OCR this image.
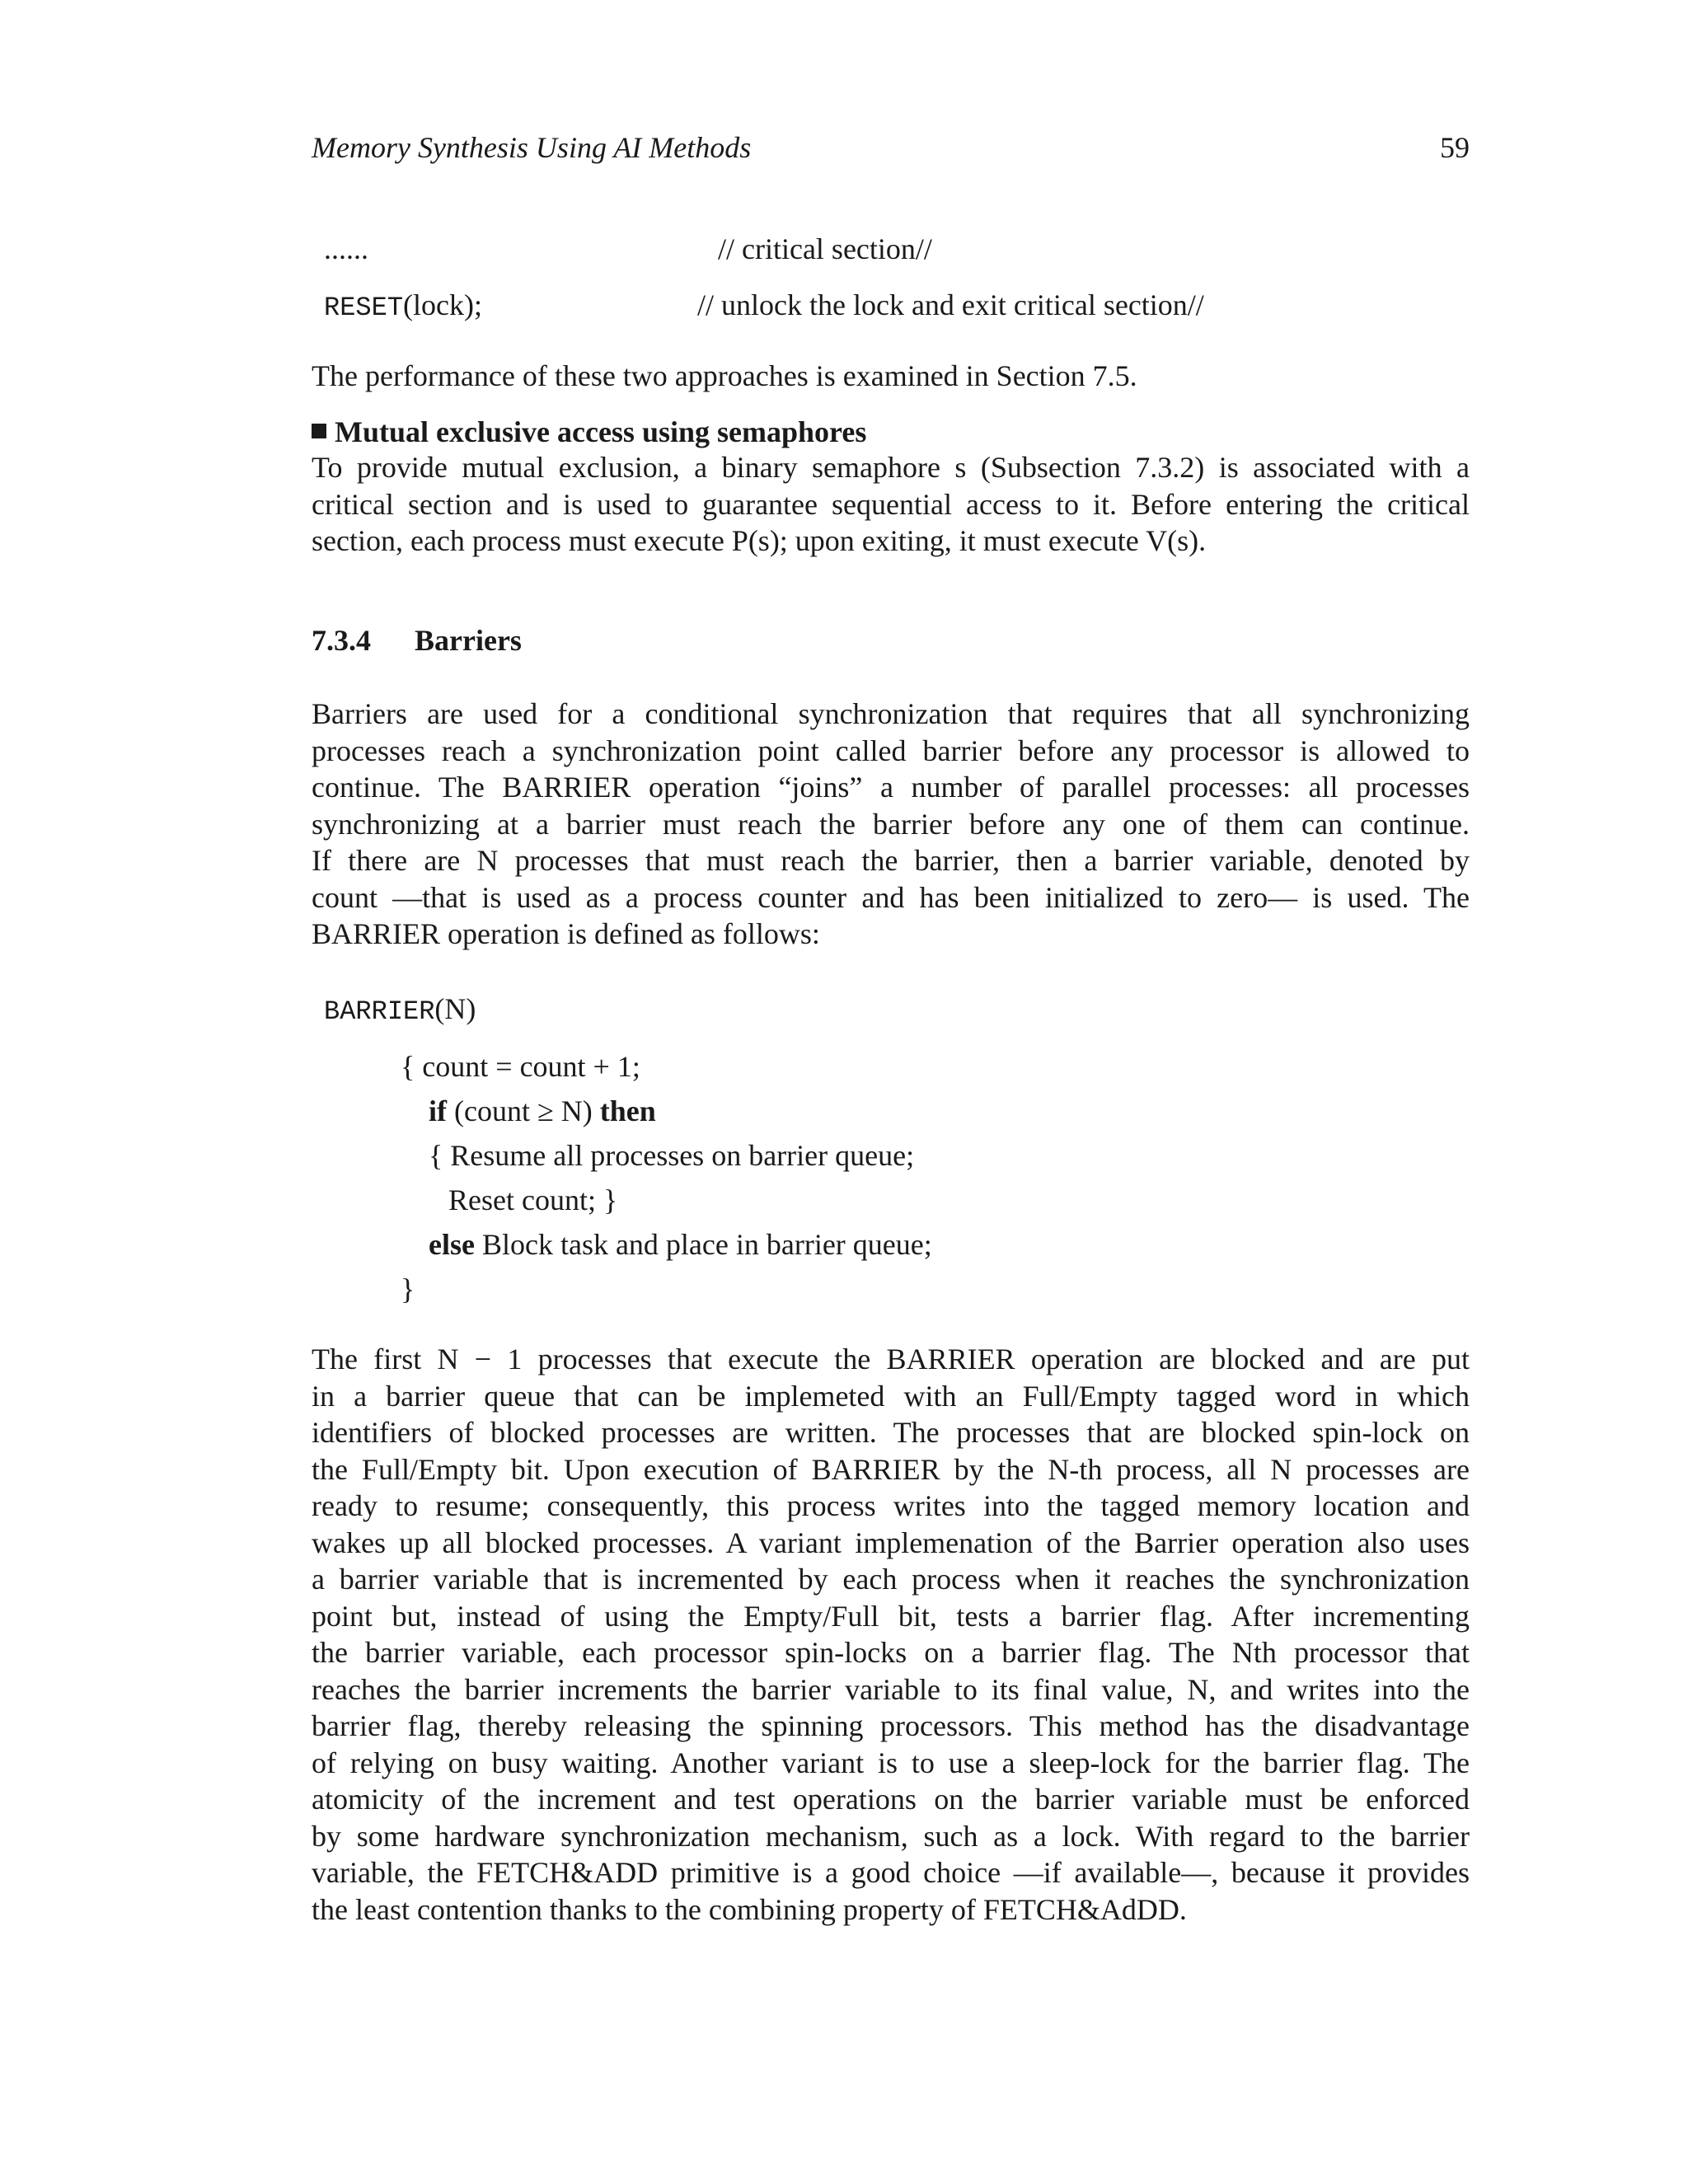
Memory Synthesis Using AI Methods	59
......	// critical section//
RESET(lock);	// unlock the lock and exit critical section//
The performance of these two approaches is examined in Section 7.5.
Mutual exclusive access using semaphores
To provide mutual exclusion, a binary semaphore s (Subsection 7.3.2) is associated with a
critical section and is used to guarantee sequential access to it. Before entering the critical
section, each process must execute P(s); upon exiting, it must execute V(s).
7.3.4 Barriers
Barriers are used for a conditional synchronization that requires that all synchronizing
processes reach a synchronization point called barrier before any processor is allowed to
continue. The BARRIER operation “joins” a number of parallel processes: all processes
synchronizing at a barrier must reach the barrier before any one of them can continue.
If there are N processes that must reach the barrier, then a barrier variable, denoted by
count —that is used as a process counter and has been initialized to zero— is used. The
BARRIER operation is defined as follows:
BARRIER(N)
{ count = count + 1;
if (count ≥ N) then
{ Resume all processes on barrier queue;
Reset count; }
else Block task and place in barrier queue;
}
The first N − 1 processes that execute the BARRIER operation are blocked and are put
in a barrier queue that can be implemeted with an Full/Empty tagged word in which
identifiers of blocked processes are written. The processes that are blocked spin-lock on
the Full/Empty bit. Upon execution of BARRIER by the N-th process, all N processes are
ready to resume; consequently, this process writes into the tagged memory location and
wakes up all blocked processes. A variant implemenation of the Barrier operation also uses
a barrier variable that is incremented by each process when it reaches the synchronization
point but, instead of using the Empty/Full bit, tests a barrier flag. After incrementing
the barrier variable, each processor spin-locks on a barrier flag. The Nth processor that
reaches the barrier increments the barrier variable to its final value, N, and writes into the
barrier flag, thereby releasing the spinning processors. This method has the disadvantage
of relying on busy waiting. Another variant is to use a sleep-lock for the barrier flag. The
atomicity of the increment and test operations on the barrier variable must be enforced
by some hardware synchronization mechanism, such as a lock. With regard to the barrier
variable, the FETCH&ADD primitive is a good choice —if available—, because it provides
the least contention thanks to the combining property of FETCH&AdDD.
